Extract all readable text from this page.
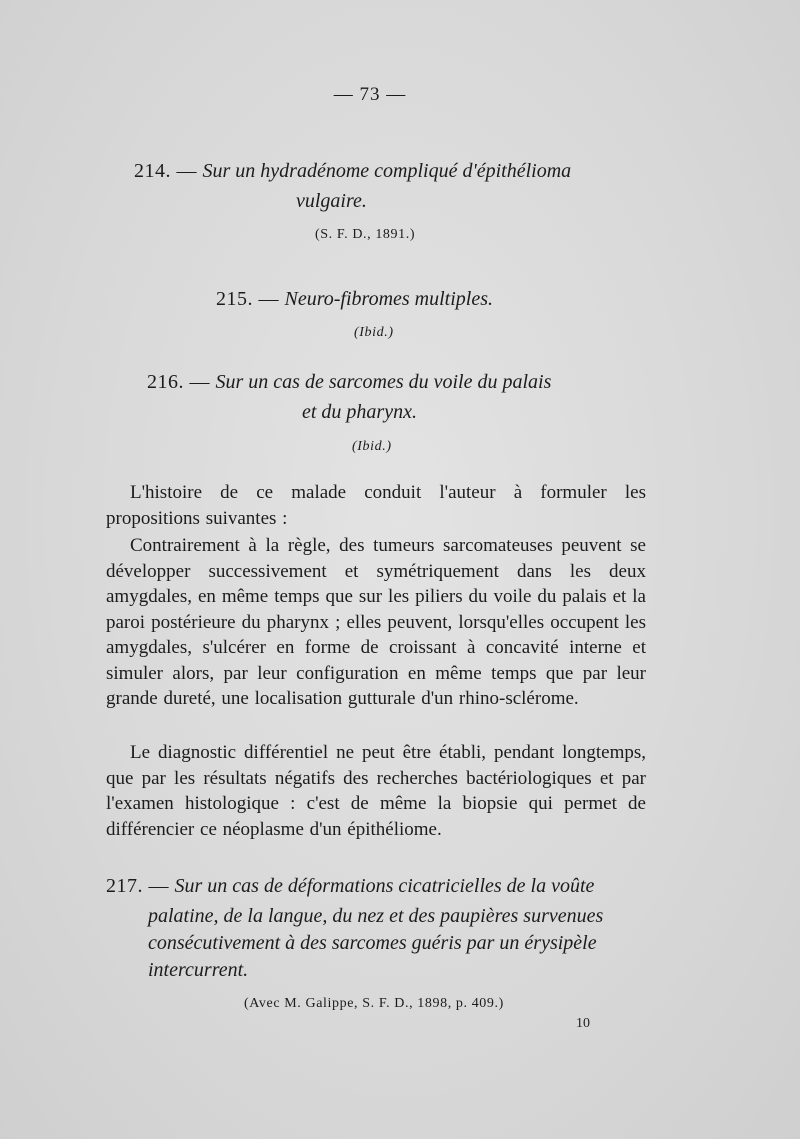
— 73 —
214. — Sur un hydradénome compliqué d'épithélioma
vulgaire.
(S. F. D., 1891.)
215. — Neuro-fibromes multiples.
(Ibid.)
216. — Sur un cas de sarcomes du voile du palais
et du pharynx.
(Ibid.)
L'histoire de ce malade conduit l'auteur à formuler les propositions suivantes :
Contrairement à la règle, des tumeurs sarcomateuses peuvent se développer successivement et symétriquement dans les deux amygdales, en même temps que sur les piliers du voile du palais et la paroi postérieure du pharynx ; elles peuvent, lorsqu'elles occupent les amygdales, s'ulcérer en forme de croissant à concavité interne et simuler alors, par leur configuration en même temps que par leur grande dureté, une localisation gutturale d'un rhino-sclérome.
Le diagnostic différentiel ne peut être établi, pendant longtemps, que par les résultats négatifs des recherches bactériologiques et par l'examen histologique : c'est de même la biopsie qui permet de différencier ce néoplasme d'un épithéliome.
217. — Sur un cas de déformations cicatricielles de la voûte
palatine, de la langue, du nez et des paupières survenues
consécutivement à des sarcomes guéris par un érysipèle
intercurrent.
(Avec M. Galippe, S. F. D., 1898, p. 409.)
10
